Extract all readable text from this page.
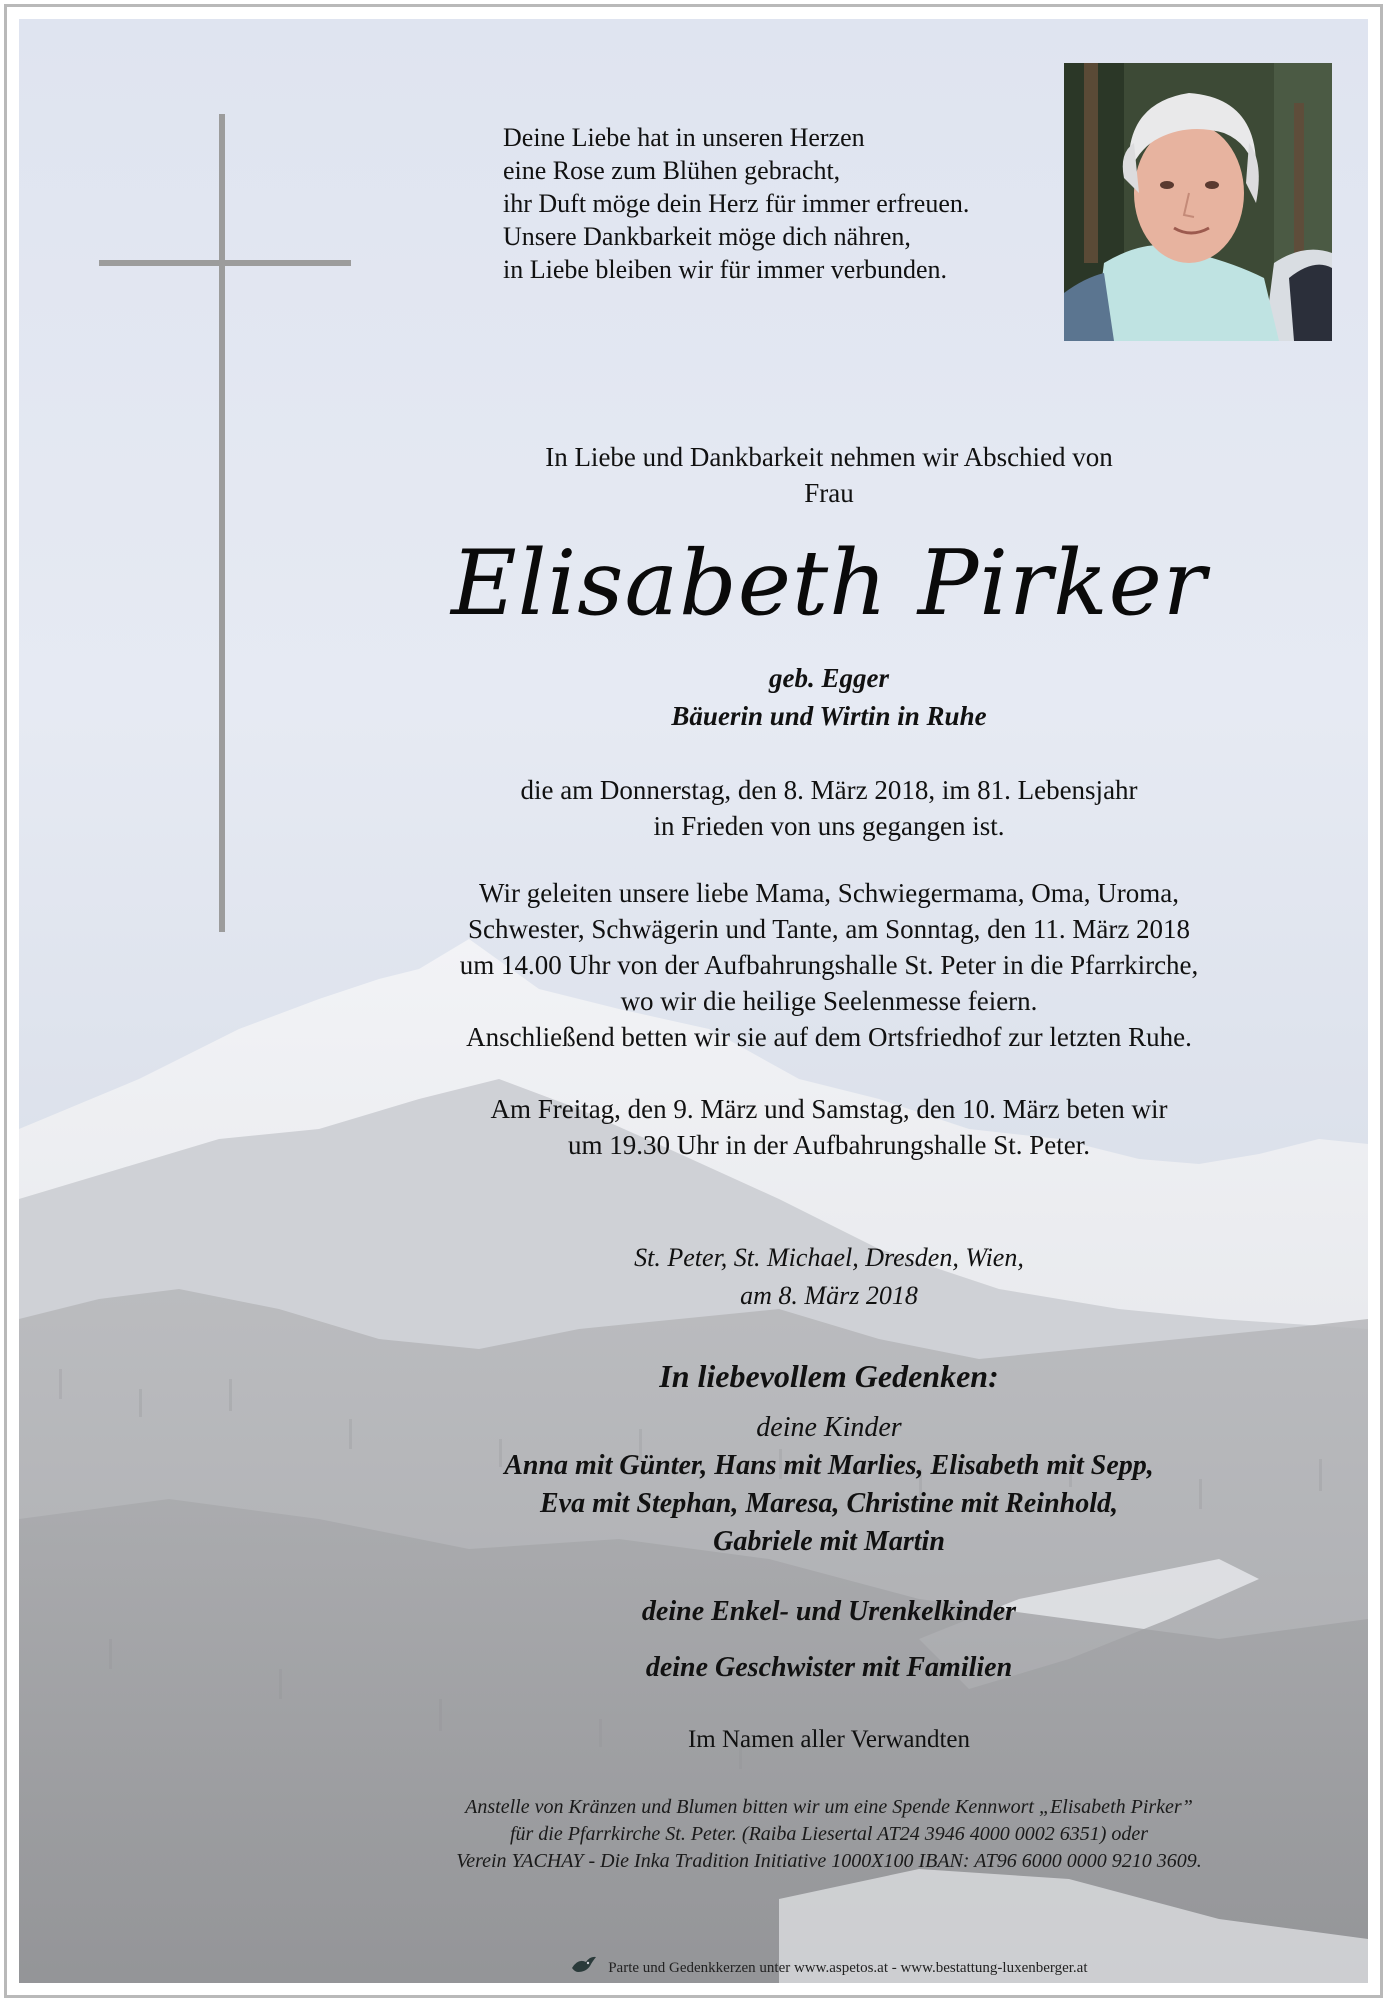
Deine Liebe hat in unseren Herzen
eine Rose zum Blühen gebracht,
ihr Duft möge dein Herz für immer erfreuen.
Unsere Dankbarkeit möge dich nähren,
in Liebe bleiben wir für immer verbunden.
In Liebe und Dankbarkeit nehmen wir Abschied von
Frau
Elisabeth Pirker
geb. Egger
Bäuerin und Wirtin in Ruhe
die am Donnerstag, den 8. März 2018, im 81. Lebensjahr
in Frieden von uns gegangen ist.
Wir geleiten unsere liebe Mama, Schwiegermama, Oma, Uroma,
Schwester, Schwägerin und Tante, am Sonntag, den 11. März 2018
um 14.00 Uhr von der Aufbahrungshalle St. Peter in die Pfarrkirche,
wo wir die heilige Seelenmesse feiern.
Anschließend betten wir sie auf dem Ortsfriedhof zur letzten Ruhe.
Am Freitag, den 9. März und Samstag, den 10. März beten wir
um 19.30 Uhr in der Aufbahrungshalle St. Peter.
St. Peter, St. Michael, Dresden, Wien,
am 8. März 2018
In liebevollem Gedenken:
deine Kinder
Anna mit Günter, Hans mit Marlies, Elisabeth mit Sepp,
Eva mit Stephan, Maresa, Christine mit Reinhold,
Gabriele mit Martin
deine Enkel- und Urenkelkinder
deine Geschwister mit Familien
Im Namen aller Verwandten
Anstelle von Kränzen und Blumen bitten wir um eine Spende Kennwort „Elisabeth Pirker”
für die Pfarrkirche St. Peter. (Raiba Liesertal AT24 3946 4000 0002 6351) oder
Verein YACHAY - Die Inka Tradition Initiative 1000X100 IBAN: AT96 6000 0000 9210 3609.
Parte und Gedenkkerzen unter www.aspetos.at - www.bestattung-luxenberger.at
